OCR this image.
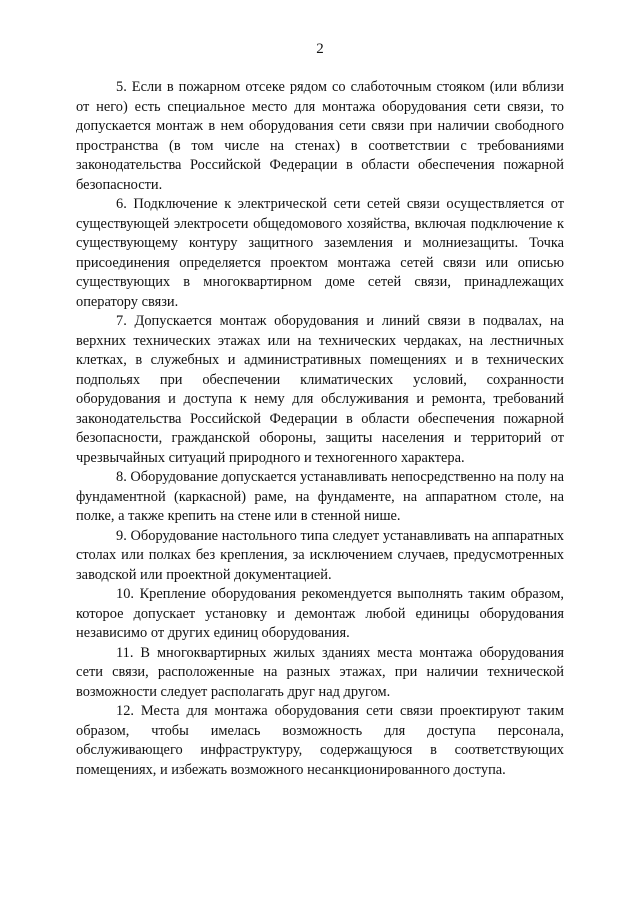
2

5. Если в пожарном отсеке рядом со слаботочным стояком (или вблизи от него) есть специальное место для монтажа оборудования сети связи, то допускается монтаж в нем оборудования сети связи при наличии свободного пространства (в том числе на стенах) в соответствии с требованиями законодательства Российской Федерации в области обеспечения пожарной безопасности.

6. Подключение к электрической сети сетей связи осуществляется от существующей электросети общедомового хозяйства, включая подключение к существующему контуру защитного заземления и молниезащиты. Точка присоединения определяется проектом монтажа сетей связи или описью существующих в многоквартирном доме сетей связи, принадлежащих оператору связи.

7. Допускается монтаж оборудования и линий связи в подвалах, на верхних технических этажах или на технических чердаках, на лестничных клетках, в служебных и административных помещениях и в технических подпольях при обеспечении климатических условий, сохранности оборудования и доступа к нему для обслуживания и ремонта, требований законодательства Российской Федерации в области обеспечения пожарной безопасности, гражданской обороны, защиты населения и территорий от чрезвычайных ситуаций природного и техногенного характера.

8. Оборудование допускается устанавливать непосредственно на полу на фундаментной (каркасной) раме, на фундаменте, на аппаратном столе, на полке, а также крепить на стене или в стенной нише.

9. Оборудование настольного типа следует устанавливать на аппаратных столах или полках без крепления, за исключением случаев, предусмотренных заводской или проектной документацией.

10. Крепление оборудования рекомендуется выполнять таким образом, которое допускает установку и демонтаж любой единицы оборудования независимо от других единиц оборудования.

11. В многоквартирных жилых зданиях места монтажа оборудования сети связи, расположенные на разных этажах, при наличии технической возможности следует располагать друг над другом.

12. Места для монтажа оборудования сети связи проектируют таким образом, чтобы имелась возможность для доступа персонала, обслуживающего инфраструктуру, содержащуюся в соответствующих помещениях, и избежать возможного несанкционированного доступа.
